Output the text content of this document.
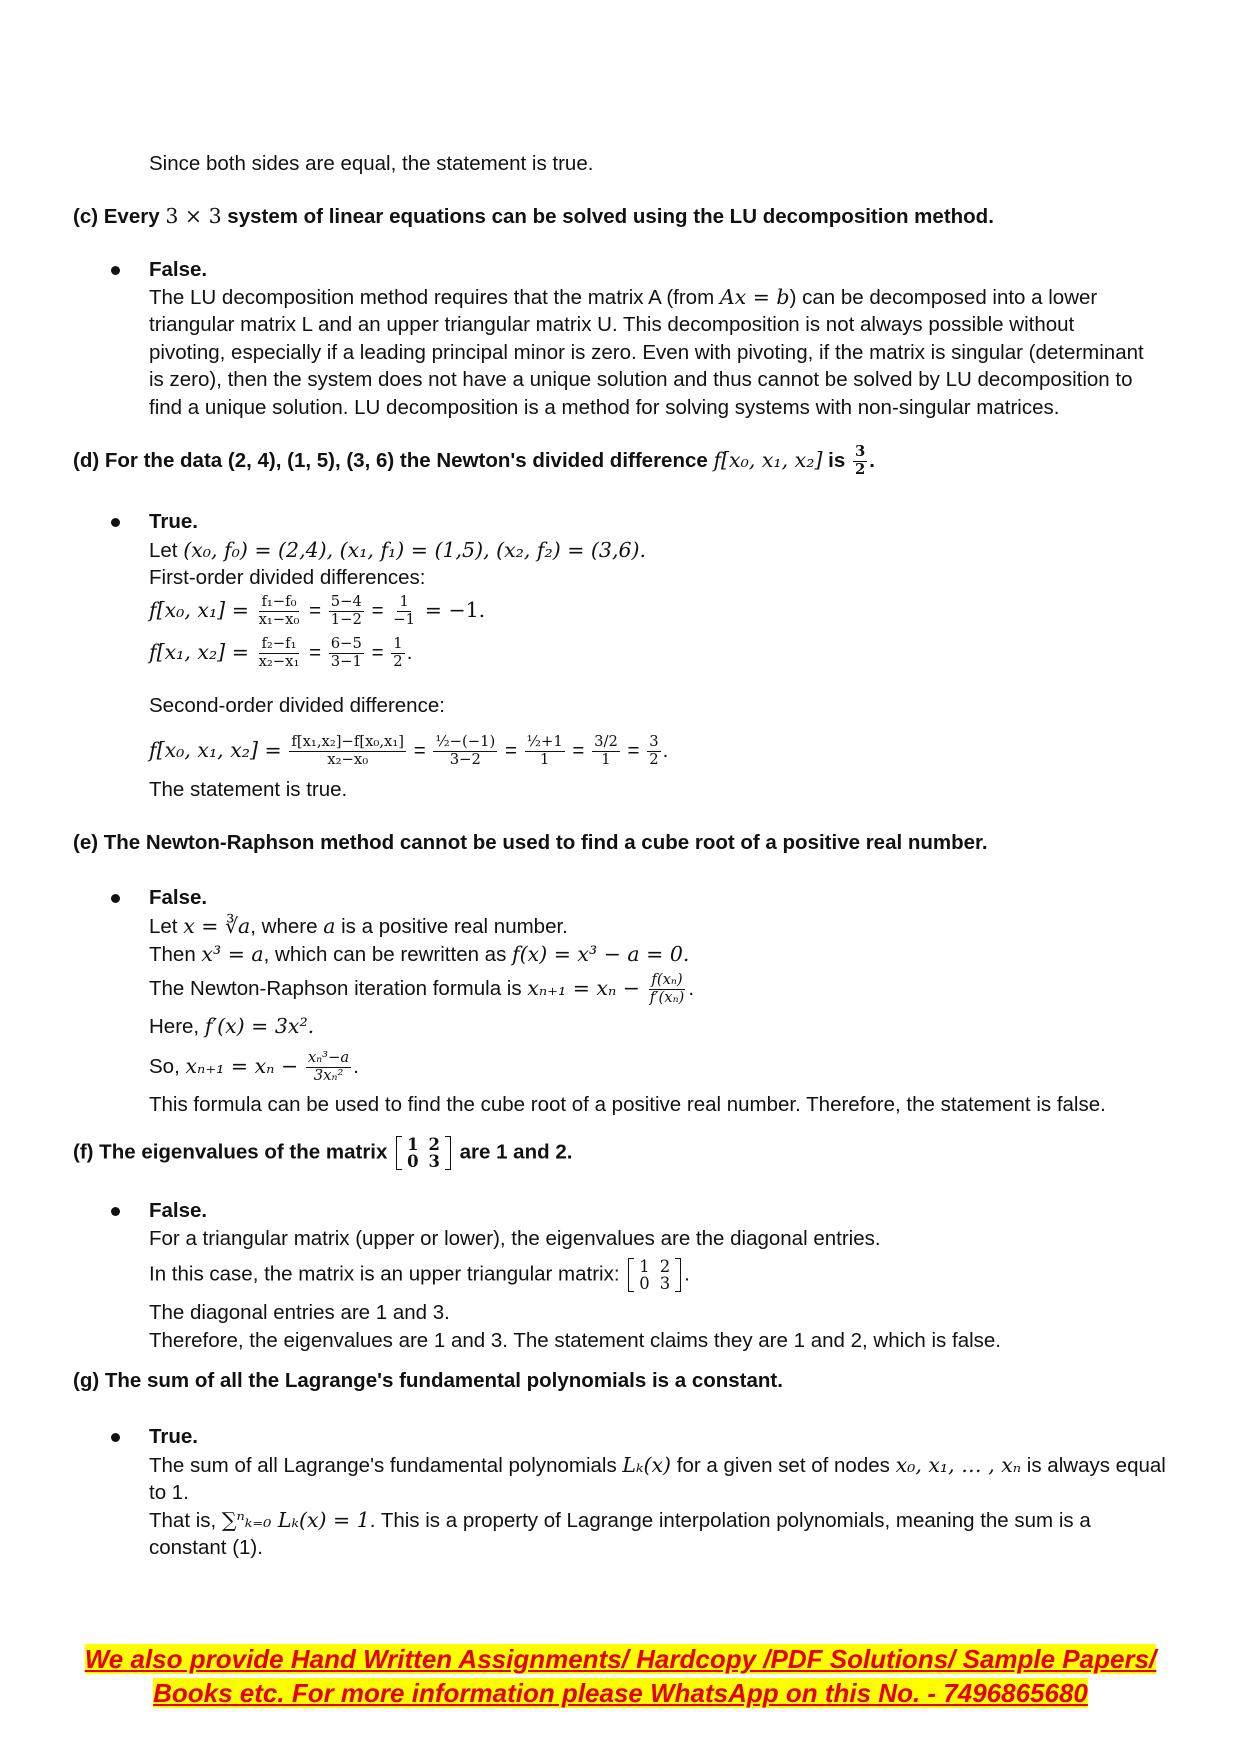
Since both sides are equal, the statement is true.
(c) Every 3 × 3 system of linear equations can be solved using the LU decomposition method.
False.
The LU decomposition method requires that the matrix A (from Ax = b) can be decomposed into a lower
triangular matrix L and an upper triangular matrix U. This decomposition is not always possible without
pivoting, especially if a leading principal minor is zero. Even with pivoting, if the matrix is singular (determinant
is zero), then the system does not have a unique solution and thus cannot be solved by LU decomposition to
find a unique solution. LU decomposition is a method for solving systems with non-singular matrices.
(d) For the data (2, 4), (1, 5), (3, 6) the Newton's divided difference f[x₀, x₁, x₂] is $\frac{3}{2}$ .
True.
Let (x₀, f₀) = (2,4), (x₁, f₁) = (1,5), (x₂, f₂) = (3,6).
First-order divided differences:
f[x₀, $x_1] = \frac{\text{f₁−f₀}}{\text{x₁−x₀}} = \frac{5-4}{1-2} = \frac{1}{-1} = -1$.
f[x₁, $x_2] = \frac{\text{f₂−f₁}}{\text{x₂−x₁}} = \frac{6-5}{3-1} = \frac{1}{2}$ .
Second-order divided difference:
f[x₀, x₁, $x_2] = \frac{\text{f[x₁,x₂]−f[x₀,x₁]}}{\text{x₂−x₀}} = \frac{\text{½−(−1)}}{3-2} = \frac{\text{½+1}}{1} = \frac{3/2}{1} = \frac{3}{2}$ .
The statement is true.
(e) The Newton-Raphson method cannot be used to find a cube root of a positive real number.
False.
Let x = ∛a, where a is a positive real number.
Then x³ = a, which can be rewritten as f(x) = x³ − a = 0.
The Newton-Raphson iteration formula is $x_{n+1} = x_n - \frac{\text{f(xₙ)}}{\text{f′(xₙ)}}$ .
Here, f′(x) = 3x².
So, $x_{n+1} = x_n - \frac{\text{xₙ³−a}}{\text{3xₙ²}}$ .
This formula can be used to find the cube root of a positive real number. Therefore, the statement is false.
(f) The eigenvalues of the matrix 1	2
0	3 are 1 and 2.
False.
For a triangular matrix (upper or lower), the eigenvalues are the diagonal entries.
In this case, the matrix is an upper triangular matrix: 1	2
0	3 .
The diagonal entries are 1 and 3.
Therefore, the eigenvalues are 1 and 3. The statement claims they are 1 and 2, which is false.
(g) The sum of all the Lagrange's fundamental polynomials is a constant.
True.
The sum of all Lagrange's fundamental polynomials Lₖ(x) for a given set of nodes x₀, x₁, … , xₙ is always equal
to 1.
That is, ∑ⁿₖ₌₀ Lₖ(x) = 1. This is a property of Lagrange interpolation polynomials, meaning the sum is a
constant (1).
We also provide Hand Written Assignments/ Hardcopy /PDF Solutions/ Sample Papers/
Books etc. For more information please WhatsApp on this No. - 7496865680
